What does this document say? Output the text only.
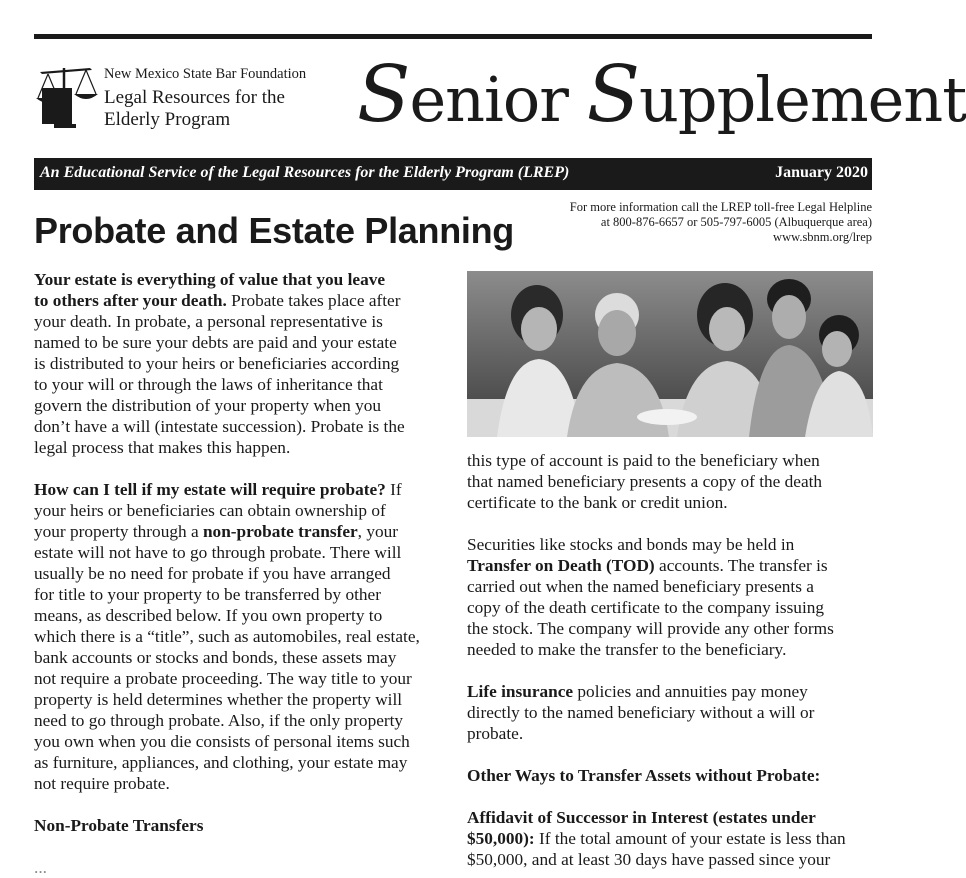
New Mexico State Bar Foundation
Legal Resources for the
Elderly Program Senior Supplement
An Educational Service of the Legal Resources for the Elderly Program (LREP)	January 2020
Probate and Estate Planning
For more information call the LREP toll-free Legal Helpline
at 800-876-6657 or 505-797-6005 (Albuquerque area)
www.sbnm.org/lrep

Your estate is everything of value that you leave
to others after your death. Probate takes place after
your death. In probate, a personal representative is
named to be sure your debts are paid and your estate
is distributed to your heirs or beneficiaries according
to your will or through the laws of inheritance that
govern the distribution of your property when you
don’t have a will (intestate succession). Probate is the
legal process that makes this happen.

How can I tell if my estate will require probate? If
your heirs or beneficiaries can obtain ownership of
your property through a non-probate transfer, your
estate will not have to go through probate. There will
usually be no need for probate if you have arranged
for title to your property to be transferred by other
means, as described below. If you own property to
which there is a “title”, such as automobiles, real estate,
bank accounts or stocks and bonds, these assets may
not require a probate proceeding. The way title to your
property is held determines whether the property will
need to go through probate. Also, if the only property
you own when you die consists of personal items such
as furniture, appliances, and clothing, your estate may
not require probate.

Non-Probate Transfers

...

this type of account is paid to the beneficiary when
that named beneficiary presents a copy of the death
certificate to the bank or credit union.

Securities like stocks and bonds may be held in
Transfer on Death (TOD) accounts. The transfer is
carried out when the named beneficiary presents a
copy of the death certificate to the company issuing
the stock. The company will provide any other forms
needed to make the transfer to the beneficiary.

Life insurance policies and annuities pay money
directly to the named beneficiary without a will or
probate.

Other Ways to Transfer Assets without Probate:

Affidavit of Successor in Interest (estates under
$50,000): If the total amount of your estate is less than
$50,000, and at least 30 days have passed since your
